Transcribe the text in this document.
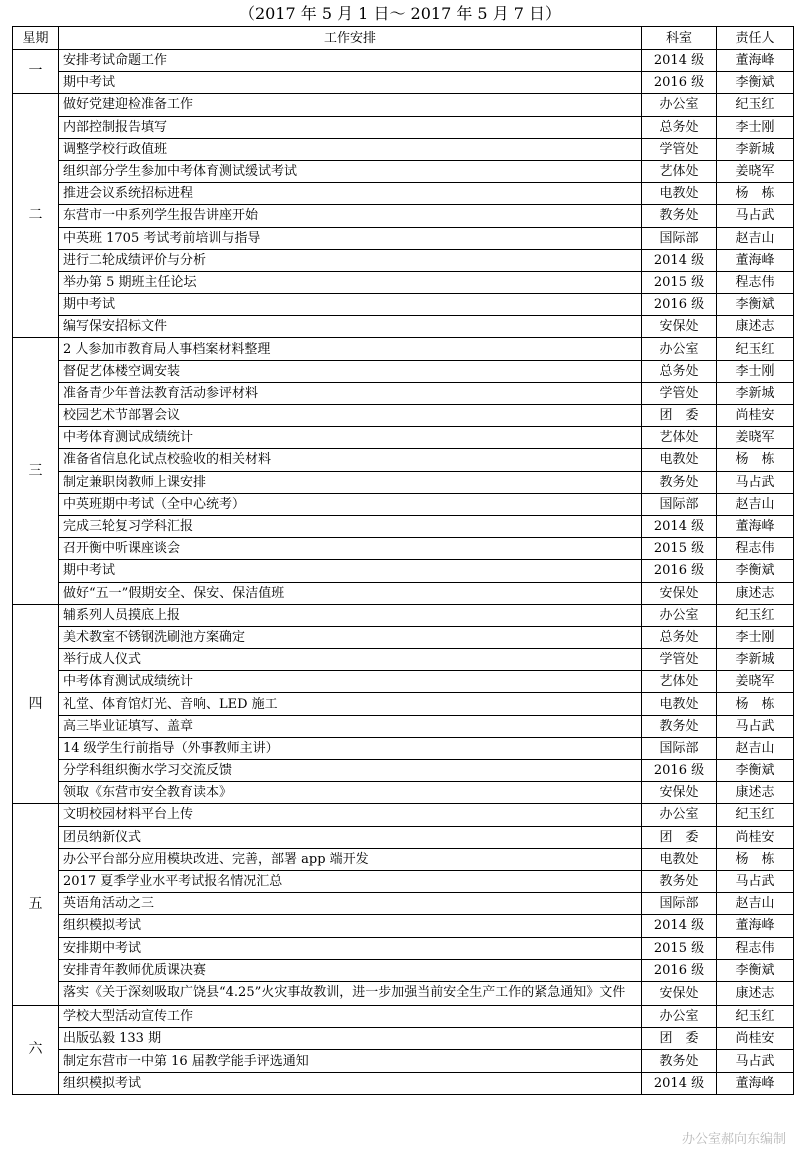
（2017 年 5 月 1 日～ 2017 年 5 月 7 日）
星期	工作安排	科室	责任人
一	安排考试命题工作	2014 级	董海峰
	期中考试	2016 级	李衡斌
二	做好党建迎检准备工作	办公室	纪玉红
	内部控制报告填写	总务处	李士刚
	调整学校行政值班	学管处	李新城
	组织部分学生参加中考体育测试缓试考试	艺体处	姜晓军
	推进会议系统招标进程	电教处	杨　栋
	东营市一中系列学生报告讲座开始	教务处	马占武
	中英班 1705 考试考前培训与指导	国际部	赵吉山
	进行二轮成绩评价与分析	2014 级	董海峰
	举办第 5 期班主任论坛	2015 级	程志伟
	期中考试	2016 级	李衡斌
	编写保安招标文件	安保处	康述志
三	2 人参加市教育局人事档案材料整理	办公室	纪玉红
	督促艺体楼空调安装	总务处	李士刚
	准备青少年普法教育活动参评材料	学管处	李新城
	校园艺术节部署会议	团　委	尚桂安
	中考体育测试成绩统计	艺体处	姜晓军
	准备省信息化试点校验收的相关材料	电教处	杨　栋
	制定兼职岗教师上课安排	教务处	马占武
	中英班期中考试（全中心统考）	国际部	赵吉山
	完成三轮复习学科汇报	2014 级	董海峰
	召开衡中听课座谈会	2015 级	程志伟
	期中考试	2016 级	李衡斌
	做好“五一”假期安全、保安、保洁值班	安保处	康述志
四	辅系列人员摸底上报	办公室	纪玉红
	美术教室不锈钢洗刷池方案确定	总务处	李士刚
	举行成人仪式	学管处	李新城
	中考体育测试成绩统计	艺体处	姜晓军
	礼堂、体育馆灯光、音响、LED 施工	电教处	杨　栋
	高三毕业证填写、盖章	教务处	马占武
	14 级学生行前指导（外事教师主讲）	国际部	赵吉山
	分学科组织衡水学习交流反馈	2016 级	李衡斌
	领取《东营市安全教育读本》	安保处	康述志
五	文明校园材料平台上传	办公室	纪玉红
	团员纳新仪式	团　委	尚桂安
	办公平台部分应用模块改进、完善，部署 app 端开发	电教处	杨　栋
	2017 夏季学业水平考试报名情况汇总	教务处	马占武
	英语角活动之三	国际部	赵吉山
	组织模拟考试	2014 级	董海峰
	安排期中考试	2015 级	程志伟
	安排青年教师优质课决赛	2016 级	李衡斌
	落实《关于深刻吸取广饶县“4.25”火灾事故教训，进一步加强当前安全生产工作的紧急通知》文件	安保处	康述志
六	学校大型活动宣传工作	办公室	纪玉红
	出版弘毅 133 期	团　委	尚桂安
	制定东营市一中第 16 届教学能手评选通知	教务处	马占武
	组织模拟考试	2014 级	董海峰
办公室郝向东编制
